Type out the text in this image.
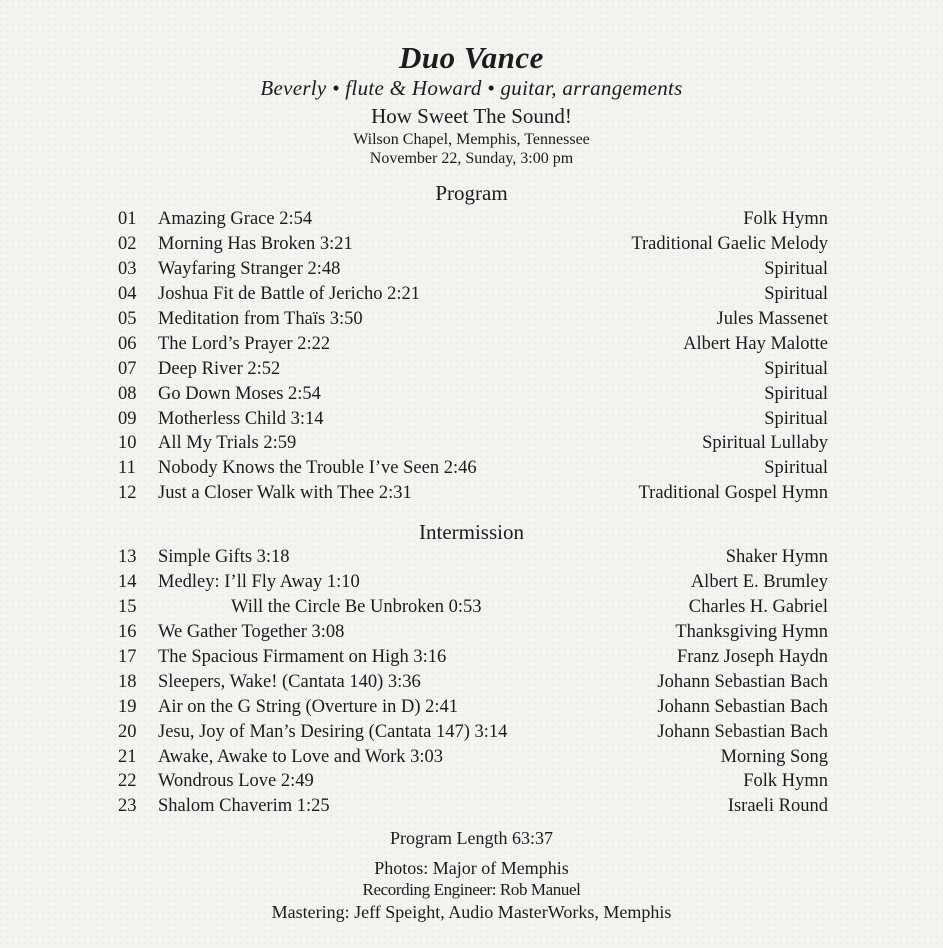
Duo Vance
Beverly • flute & Howard • guitar, arrangements
How Sweet The Sound!
Wilson Chapel, Memphis, Tennessee
November 22, Sunday, 3:00 pm
Program
01	Amazing Grace 2:54	Folk Hymn
02	Morning Has Broken 3:21	Traditional Gaelic Melody
03	Wayfaring Stranger 2:48	Spiritual
04	Joshua Fit de Battle of Jericho 2:21	Spiritual
05	Meditation from Thaïs 3:50	Jules Massenet
06	The Lord’s Prayer 2:22	Albert Hay Malotte
07	Deep River 2:52	Spiritual
08	Go Down Moses 2:54	Spiritual
09	Motherless Child 3:14	Spiritual
10	All My Trials 2:59	Spiritual Lullaby
11	Nobody Knows the Trouble I’ve Seen 2:46	Spiritual
12	Just a Closer Walk with Thee 2:31	Traditional Gospel Hymn
Intermission
13	Simple Gifts 3:18	Shaker Hymn
14	Medley: I’ll Fly Away 1:10	Albert E. Brumley
15	Will the Circle Be Unbroken 0:53	Charles H. Gabriel
16	We Gather Together 3:08	Thanksgiving Hymn
17	The Spacious Firmament on High 3:16	Franz Joseph Haydn
18	Sleepers, Wake! (Cantata 140) 3:36	Johann Sebastian Bach
19	Air on the G String (Overture in D) 2:41	Johann Sebastian Bach
20	Jesu, Joy of Man’s Desiring (Cantata 147) 3:14	Johann Sebastian Bach
21	Awake, Awake to Love and Work 3:03	Morning Song
22	Wondrous Love 2:49	Folk Hymn
23	Shalom Chaverim 1:25	Israeli Round
Program Length 63:37
Photos: Major of Memphis
Recording Engineer: Rob Manuel
Mastering: Jeff Speight, Audio MasterWorks, Memphis
